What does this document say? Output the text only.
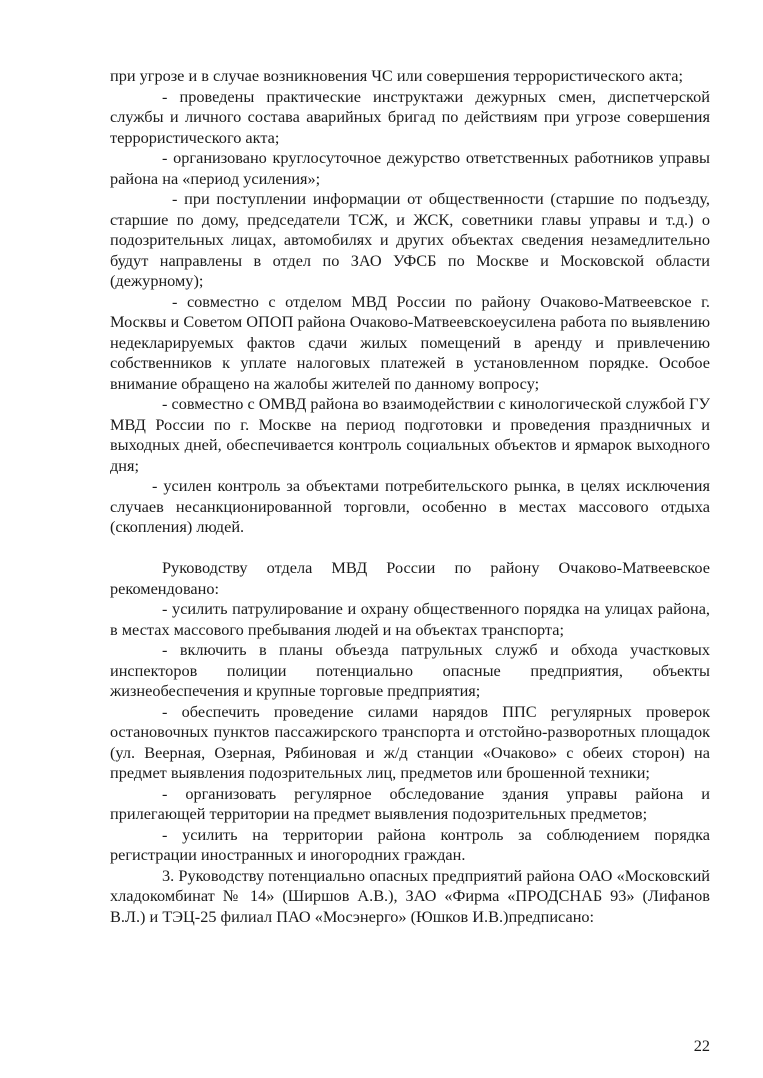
при угрозе и в случае возникновения ЧС или совершения террористического акта;

- проведены практические инструктажи дежурных смен, диспетчерской службы и личного состава аварийных бригад по действиям при угрозе совершения террористического акта;

- организовано круглосуточное дежурство ответственных работников управы района на «период усиления»;

- при поступлении информации от общественности (старшие по подъезду, старшие по дому, председатели ТСЖ, и ЖСК, советники главы управы и т.д.) о подозрительных лицах, автомобилях и других объектах сведения незамедлительно будут направлены в отдел по ЗАО УФСБ по Москве и Московской области (дежурному);

- совместно с отделом МВД России по району Очаково-Матвеевское г. Москвы и Советом ОПОП района Очаково-Матвеевскоеусилена работа по выявлению недекларируемых фактов сдачи жилых помещений в аренду и привлечению собственников к уплате налоговых платежей в установленном порядке. Особое внимание обращено на жалобы жителей по данному вопросу;

- совместно с ОМВД района во взаимодействии с кинологической службой ГУ МВД России по г. Москве на период подготовки и проведения праздничных и выходных дней, обеспечивается контроль социальных объектов и ярмарок выходного дня;

- усилен контроль за объектами потребительского рынка, в целях исключения случаев несанкционированной торговли, особенно в местах массового отдыха (скопления) людей.

Руководству отдела МВД России по району Очаково-Матвеевское рекомендовано:

- усилить патрулирование и охрану общественного порядка на улицах района, в местах массового пребывания людей и на объектах транспорта;

- включить в планы объезда патрульных служб и обхода участковых инспекторов полиции потенциально опасные предприятия, объекты жизнеобеспечения и крупные торговые предприятия;

- обеспечить проведение силами нарядов ППС регулярных проверок остановочных пунктов пассажирского транспорта и отстойно-разворотных площадок (ул. Веерная, Озерная, Рябиновая и ж/д станции «Очаково» с обеих сторон) на предмет выявления подозрительных лиц, предметов или брошенной техники;

- организовать регулярное обследование здания управы района и прилегающей территории на предмет выявления подозрительных предметов;

- усилить на территории района контроль за соблюдением порядка регистрации иностранных и иногородних граждан.

3. Руководству потенциально опасных предприятий района ОАО «Московский хладокомбинат № 14» (Ширшов А.В.), ЗАО «Фирма «ПРОДСНАБ 93» (Лифанов В.Л.) и ТЭЦ-25 филиал ПАО «Мосэнерго» (Юшков И.В.)предписано:

22
